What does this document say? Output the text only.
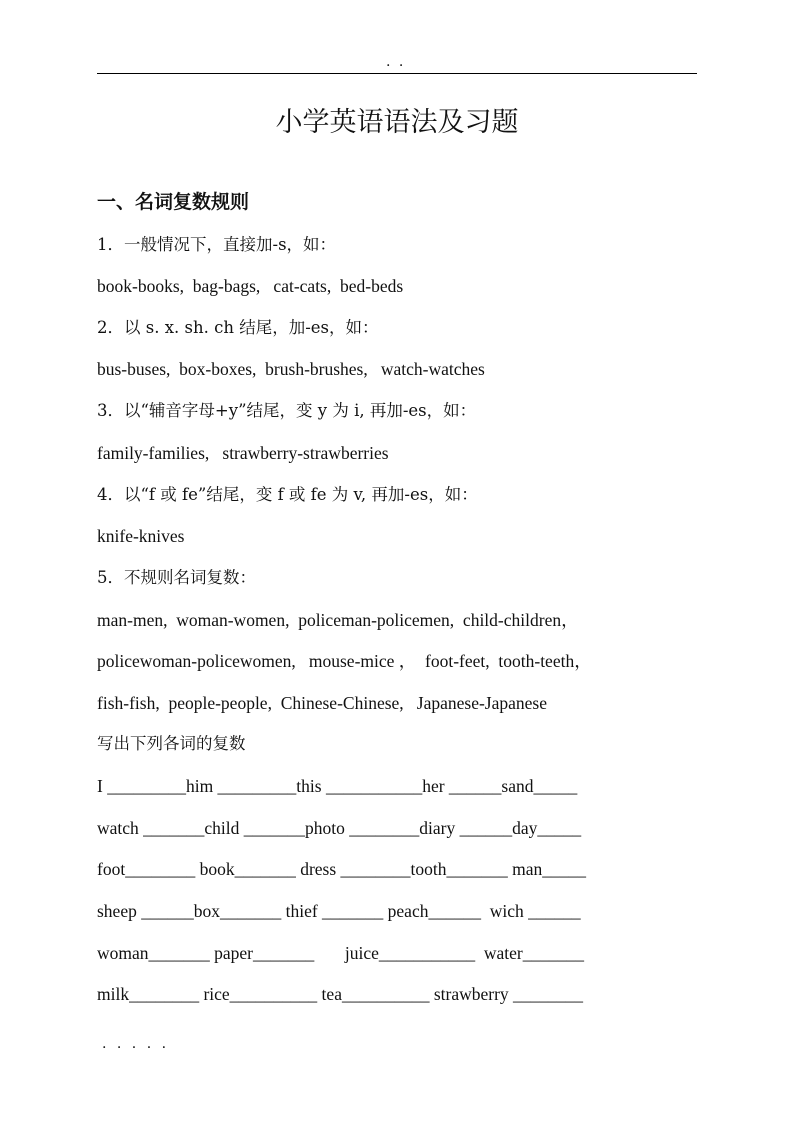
. .
小学英语语法及习题
一、名词复数规则
1．一般情况下，直接加-s，如：
book-books,  bag-bags,   cat-cats,  bed-beds
2．以 s. x. sh. ch 结尾，加-es，如：
bus-buses,  box-boxes,  brush-brushes,   watch-watches
3．以“辅音字母+y”结尾，变 y 为 i, 再加-es，如：
family-families,   strawberry-strawberries
4．以“f 或 fe”结尾，变 f 或 fe 为 v, 再加-es，如：
knife-knives
5．不规则名词复数：
man-men,  woman-women,  policeman-policemen,  child-children，
policewoman-policewomen,   mouse-mice ，  foot-feet,  tooth-teeth，
fish-fish,  people-people,  Chinese-Chinese,   Japanese-Japanese
写出下列各词的复数
I _________him _________this ___________her ______sand_____
watch _______child _______photo ________diary ______day_____
foot________ book_______ dress ________tooth_______ man_____
sheep ______box_______ thief _______ peach______  wich ______
woman_______ paper_______       juice___________  water_______
milk________ rice__________ tea__________ strawberry ________
. . . . .
